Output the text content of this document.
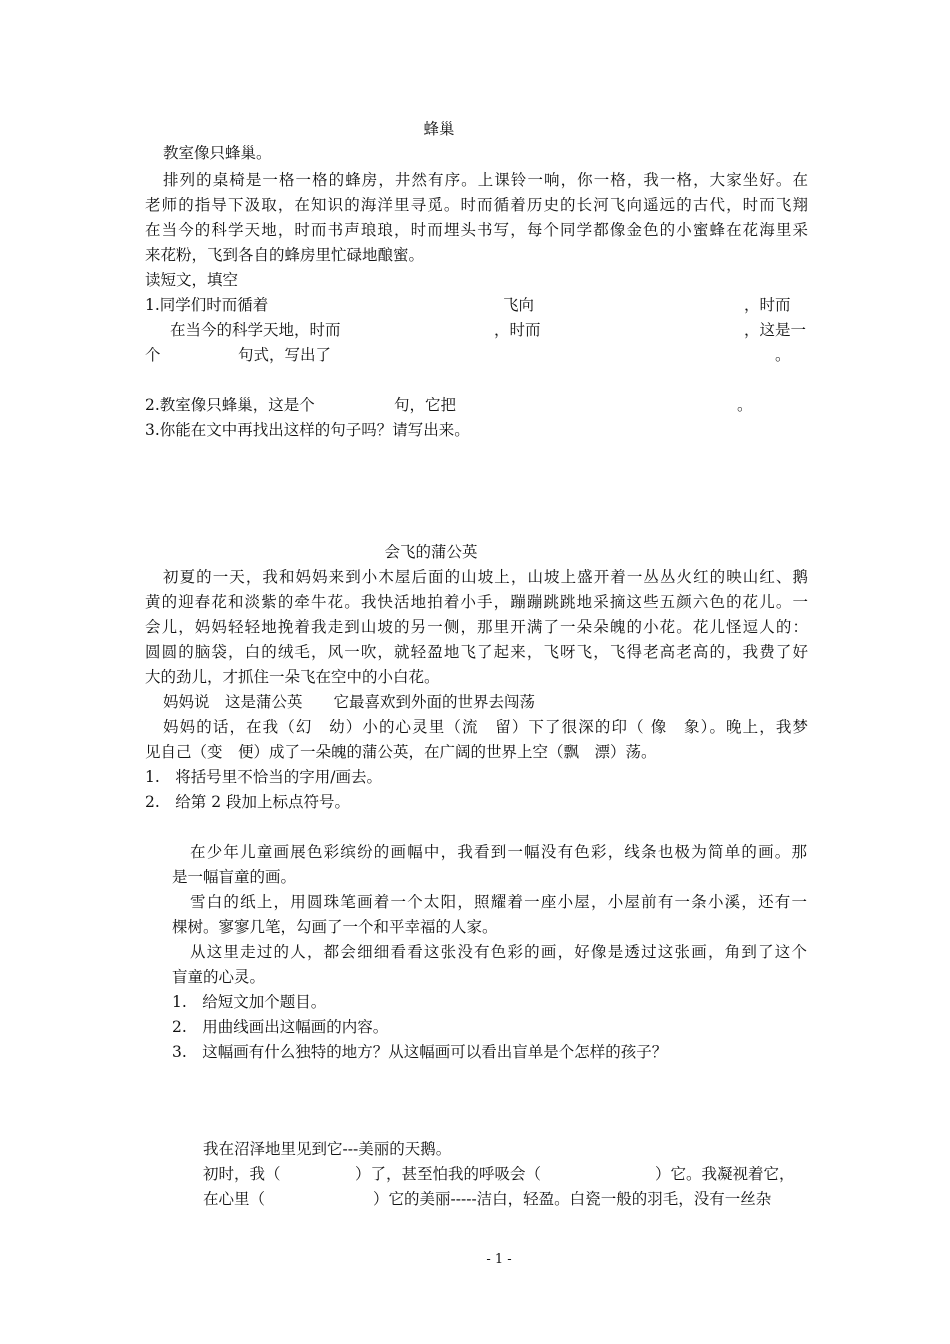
蜂巢
教室像只蜂巢。
排列的桌椅是一格一格的蜂房，井然有序。上课铃一响，你一格，我一格，大家坐好。在
老师的指导下汲取，在知识的海洋里寻觅。时而循着历史的长河飞向遥远的古代，时而飞翔
在当今的科学天地，时而书声琅琅，时而埋头书写，每个同学都像金色的小蜜蜂在花海里采
来花粉，飞到各自的蜂房里忙碌地酿蜜。
读短文，填空
1.同学们时而循着	飞向	，时而
在当今的科学天地，时而	，时而	，这是一
个	句式，写出了	。
2.教室像只蜂巢，这是个	句，它把	。
3.你能在文中再找出这样的句子吗？请写出来。
会飞的蒲公英
初夏的一天，我和妈妈来到小木屋后面的山坡上，山坡上盛开着一丛丛火红的映山红、鹅
黄的迎春花和淡紫的牵牛花。我快活地拍着小手，蹦蹦跳跳地采摘这些五颜六色的花儿。一
会儿，妈妈轻轻地挽着我走到山坡的另一侧，那里开满了一朵朵魄的小花。花儿怪逗人的：
圆圆的脑袋，白的绒毛，风一吹，就轻盈地飞了起来，飞呀飞，飞得老高老高的，我费了好
大的劲儿，才抓住一朵飞在空中的小白花。
妈妈说　这是蒲公英　　它最喜欢到外面的世界去闯荡
妈妈的话，在我（幻　幼）小的心灵里（流　留）下了很深的印（ 像　象）。晚上，我梦
见自己（变　便）成了一朵魄的蒲公英，在广阔的世界上空（飘　漂）荡。
1.　将括号里不恰当的字用/画去。
2.　给第 2 段加上标点符号。
在少年儿童画展色彩缤纷的画幅中，我看到一幅没有色彩，线条也极为简单的画。那
是一幅盲童的画。
雪白的纸上，用圆珠笔画着一个太阳，照耀着一座小屋，小屋前有一条小溪，还有一
棵树。寥寥几笔，勾画了一个和平幸福的人家。
从这里走过的人，都会细细看看这张没有色彩的画，好像是透过这张画，角到了这个
盲童的心灵。
1.　给短文加个题目。
2.　用曲线画出这幅画的内容。
3.　这幅画有什么独特的地方？从这幅画可以看出盲单是个怎样的孩子？
我在沼泽地里见到它---美丽的天鹅。
初时，我（	）了，甚至怕我的呼吸会（	）它。我凝视着它，
在心里（	）它的美丽-----洁白，轻盈。白瓷一般的羽毛，没有一丝杂
- 1 -
